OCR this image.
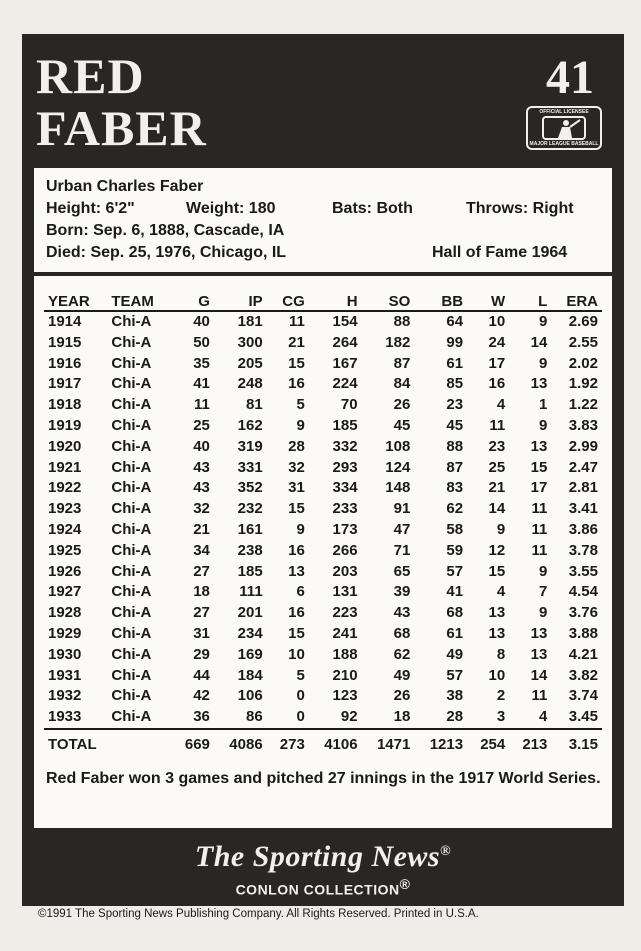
RED
FABER
41
OFFICIAL LICENSEE
MAJOR LEAGUE BASEBALL
Urban Charles Faber
Height: 6'2"	Weight: 180	Bats: Both	Throws: Right
Born: Sep. 6, 1888, Cascade, IA
Died: Sep. 25, 1976, Chicago, IL	Hall of Fame 1964
YEAR	TEAM	G	IP	CG	H	SO	BB	W	L	ERA
1914	Chi-A	40	181	11	154	88	64	10	9	2.69
1915	Chi-A	50	300	21	264	182	99	24	14	2.55
1916	Chi-A	35	205	15	167	87	61	17	9	2.02
1917	Chi-A	41	248	16	224	84	85	16	13	1.92
1918	Chi-A	11	81	5	70	26	23	4	1	1.22
1919	Chi-A	25	162	9	185	45	45	11	9	3.83
1920	Chi-A	40	319	28	332	108	88	23	13	2.99
1921	Chi-A	43	331	32	293	124	87	25	15	2.47
1922	Chi-A	43	352	31	334	148	83	21	17	2.81
1923	Chi-A	32	232	15	233	91	62	14	11	3.41
1924	Chi-A	21	161	9	173	47	58	9	11	3.86
1925	Chi-A	34	238	16	266	71	59	12	11	3.78
1926	Chi-A	27	185	13	203	65	57	15	9	3.55
1927	Chi-A	18	111	6	131	39	41	4	7	4.54
1928	Chi-A	27	201	16	223	43	68	13	9	3.76
1929	Chi-A	31	234	15	241	68	61	13	13	3.88
1930	Chi-A	29	169	10	188	62	49	8	13	4.21
1931	Chi-A	44	184	5	210	49	57	10	14	3.82
1932	Chi-A	42	106	0	123	26	38	2	11	3.74
1933	Chi-A	36	86	0	92	18	28	3	4	3.45
TOTAL		669	4086	273	4106	1471	1213	254	213	3.15
Red Faber won 3 games and pitched 27 innings in the 1917 World Series.
The Sporting News®
CONLON COLLECTION®
©1991 The Sporting News Publishing Company. All Rights Reserved. Printed in U.S.A.
